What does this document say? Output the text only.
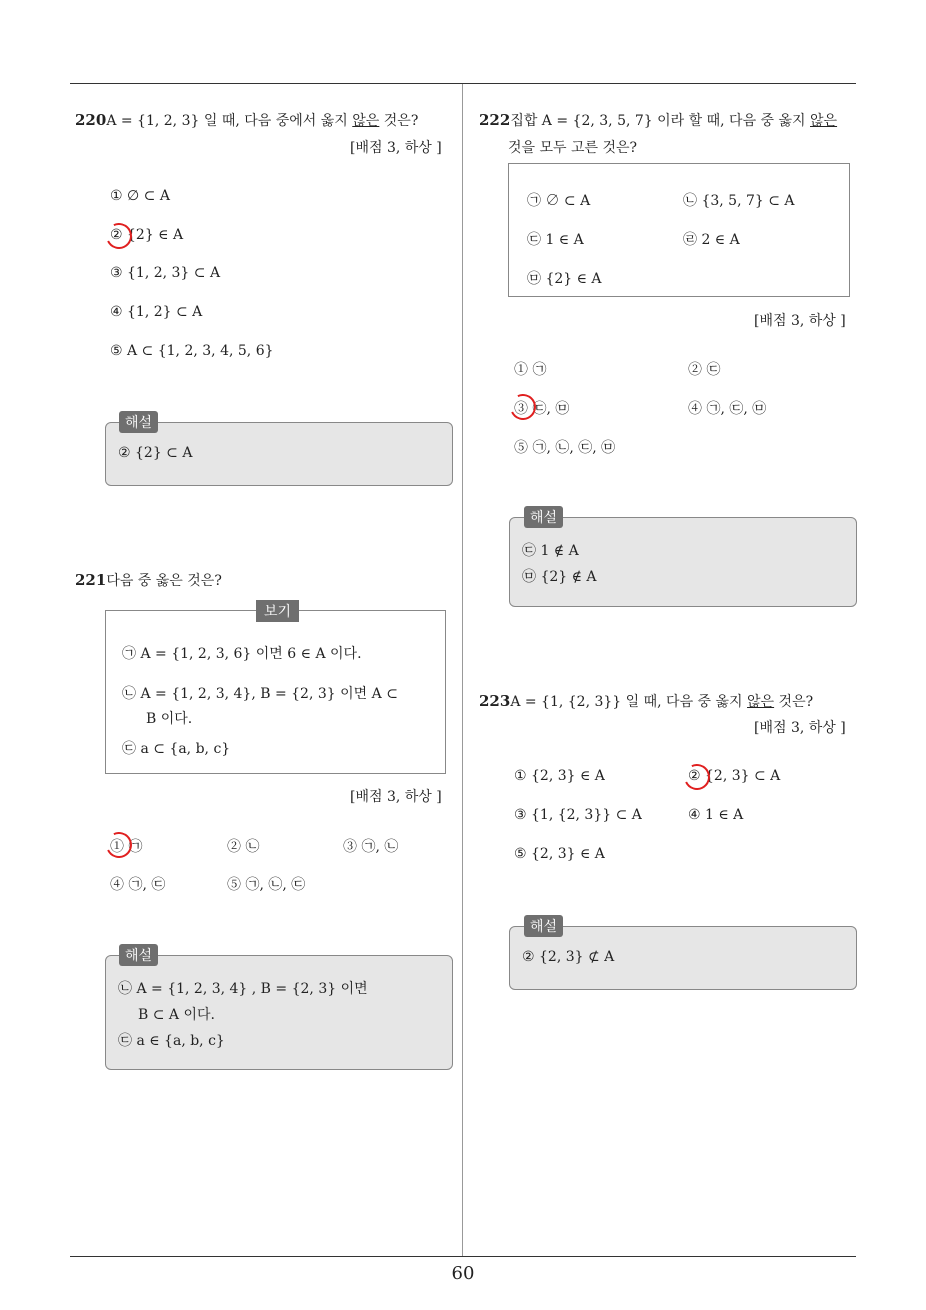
220A = {1, 2, 3} 일 때, 다음 중에서 옳지 않은 것은?
[배점 3, 하상 ]
① ∅ ⊂ A
② {2} ∈ A
③ {1, 2, 3} ⊂ A
④ {1, 2} ⊂ A
⑤ A ⊂ {1, 2, 3, 4, 5, 6}
② {2} ⊂ A
해설
221다음 중 옳은 것은?
㉠ A = {1, 2, 3, 6} 이면 6 ∈ A 이다.
㉡ A = {1, 2, 3, 4}, B = {2, 3} 이면 A ⊂
B 이다.
㉢ a ⊂ {a, b, c}
보기
[배점 3, 하상 ]
① ㉠	② ㉡	③ ㉠, ㉡
④ ㉠, ㉢	⑤ ㉠, ㉡, ㉢
㉡ A = {1, 2, 3, 4} , B = {2, 3} 이면
B ⊂ A 이다.
㉢ a ∈ {a, b, c}
해설
222집합 A = {2, 3, 5, 7} 이라 할 때, 다음 중 옳지 않은
것을 모두 고른 것은?
㉠ ∅ ⊂ A	㉡ {3, 5, 7} ⊂ A
㉢ 1 ∈ A	㉣ 2 ∈ A
㉤ {2} ∈ A
[배점 3, 하상 ]
① ㉠	② ㉢
③ ㉢, ㉤	④ ㉠, ㉢, ㉤
⑤ ㉠, ㉡, ㉢, ㉤
㉢ 1 ∉ A
㉤ {2} ∉ A
해설
223A = {1, {2, 3}} 일 때, 다음 중 옳지 않은 것은?
[배점 3, 하상 ]
① {2, 3} ∈ A	② {2, 3} ⊂ A
③ {1, {2, 3}} ⊂ A	④ 1 ∈ A
⑤ {2, 3} ∈ A
② {2, 3} ⊄ A
해설
60
